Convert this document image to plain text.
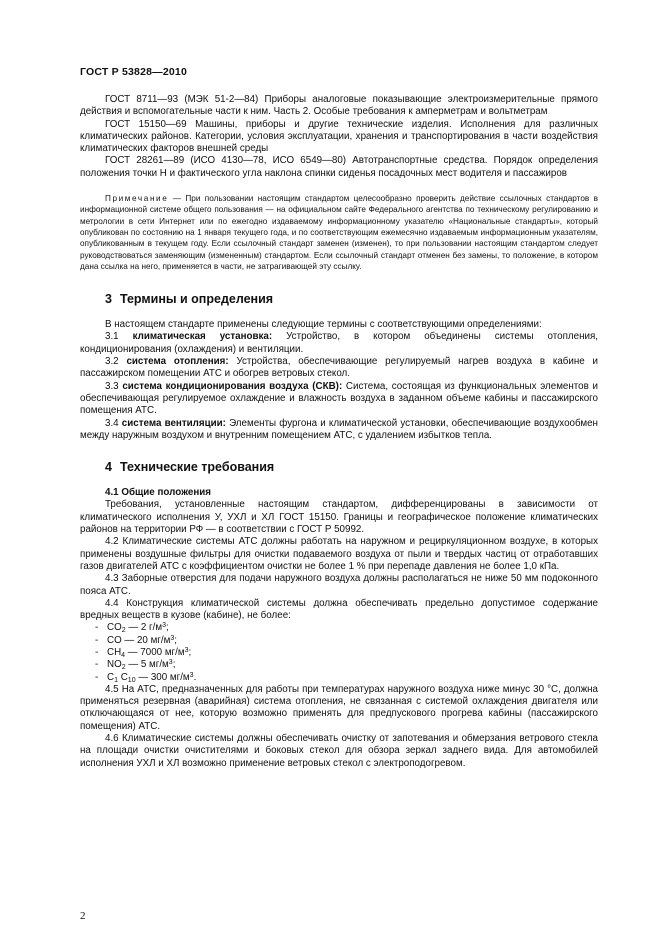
ГОСТ Р 53828—2010

ГОСТ 8711—93 (МЭК 51-2—84) Приборы аналоговые показывающие электроизмерительные прямого действия и вспомогательные части к ним. Часть 2. Особые требования к амперметрам и вольтметрам

ГОСТ 15150—69 Машины, приборы и другие технические изделия. Исполнения для различных климатических районов. Категории, условия эксплуатации, хранения и транспортирования в части воздействия климатических факторов внешней среды

ГОСТ 28261—89 (ИСО 4130—78, ИСО 6549—80) Автотранспортные средства. Порядок определения положения точки Н и фактического угла наклона спинки сиденья посадочных мест водителя и пассажиров

Примечание — При пользовании настоящим стандартом целесообразно проверить действие ссылочных стандартов в информационной системе общего пользования — на официальном сайте Федерального агентства по техническому регулированию и метрологии в сети Интернет или по ежегодно издаваемому информационному указателю «Национальные стандарты», который опубликован по состоянию на 1 января текущего года, и по соответствующим ежемесячно издаваемым информационным указателям, опубликованным в текущем году. Если ссылочный стандарт заменен (изменен), то при пользовании настоящим стандартом следует руководствоваться заменяющим (измененным) стандартом. Если ссылочный стандарт отменен без замены, то положение, в котором дана ссылка на него, применяется в части, не затрагивающей эту ссылку.

3 Термины и определения

В настоящем стандарте применены следующие термины с соответствующими определениями:

3.1 климатическая установка: Устройство, в котором объединены системы отопления, кондиционирования (охлаждения) и вентиляции.

3.2 система отопления: Устройства, обеспечивающие регулируемый нагрев воздуха в кабине и пассажирском помещении АТС и обогрев ветровых стекол.

3.3 система кондиционирования воздуха (СКВ): Система, состоящая из функциональных элементов и обеспечивающая регулируемое охлаждение и влажность воздуха в заданном объеме кабины и пассажирского помещения АТС.

3.4 система вентиляции: Элементы фургона и климатической установки, обеспечивающие воздухообмен между наружным воздухом и внутренним помещением АТС, с удалением избытков тепла.

4 Технические требования

4.1 Общие положения

Требования, установленные настоящим стандартом, дифференцированы в зависимости от климатического исполнения У, УХЛ и ХЛ ГОСТ 15150. Границы и географическое положение климатических районов на территории РФ — в соответствии с ГОСТ Р 50992.

4.2 Климатические системы АТС должны работать на наружном и рециркуляционном воздухе, в которых применены воздушные фильтры для очистки подаваемого воздуха от пыли и твердых частиц от отработавших газов двигателей АТС с коэффициентом очистки не более 1 % при перепаде давления не более 1,0 кПа.

4.3 Заборные отверстия для подачи наружного воздуха должны располагаться не ниже 50 мм подоконного пояса АТС.

4.4 Конструкция климатической системы должна обеспечивать предельно допустимое содержание вредных веществ в кузове (кабине), не более:

- $CO_2$ — 2 $г/м^3$;

- CO — 20 $мг/м^3$;

- $CH_4$ — 7000 $мг/м^3$;

- $NO_2$ — 5 $мг/м^3$;

- $C_1$ $C_{10}$ — 300 $мг/м^3$.

4.5 На АТС, предназначенных для работы при температурах наружного воздуха ниже минус 30 °С, должна применяться резервная (аварийная) система отопления, не связанная с системой охлаждения двигателя или отключающаяся от нее, которую возможно применять для предпускового прогрева кабины (пассажирского помещения) АТС.

4.6 Климатические системы должны обеспечивать очистку от запотевания и обмерзания ветрового стекла на площади очистки очистителями и боковых стекол для обзора зеркал заднего вида. Для автомобилей исполнения УХЛ и ХЛ возможно применение ветровых стекол с электроподогревом.

2
